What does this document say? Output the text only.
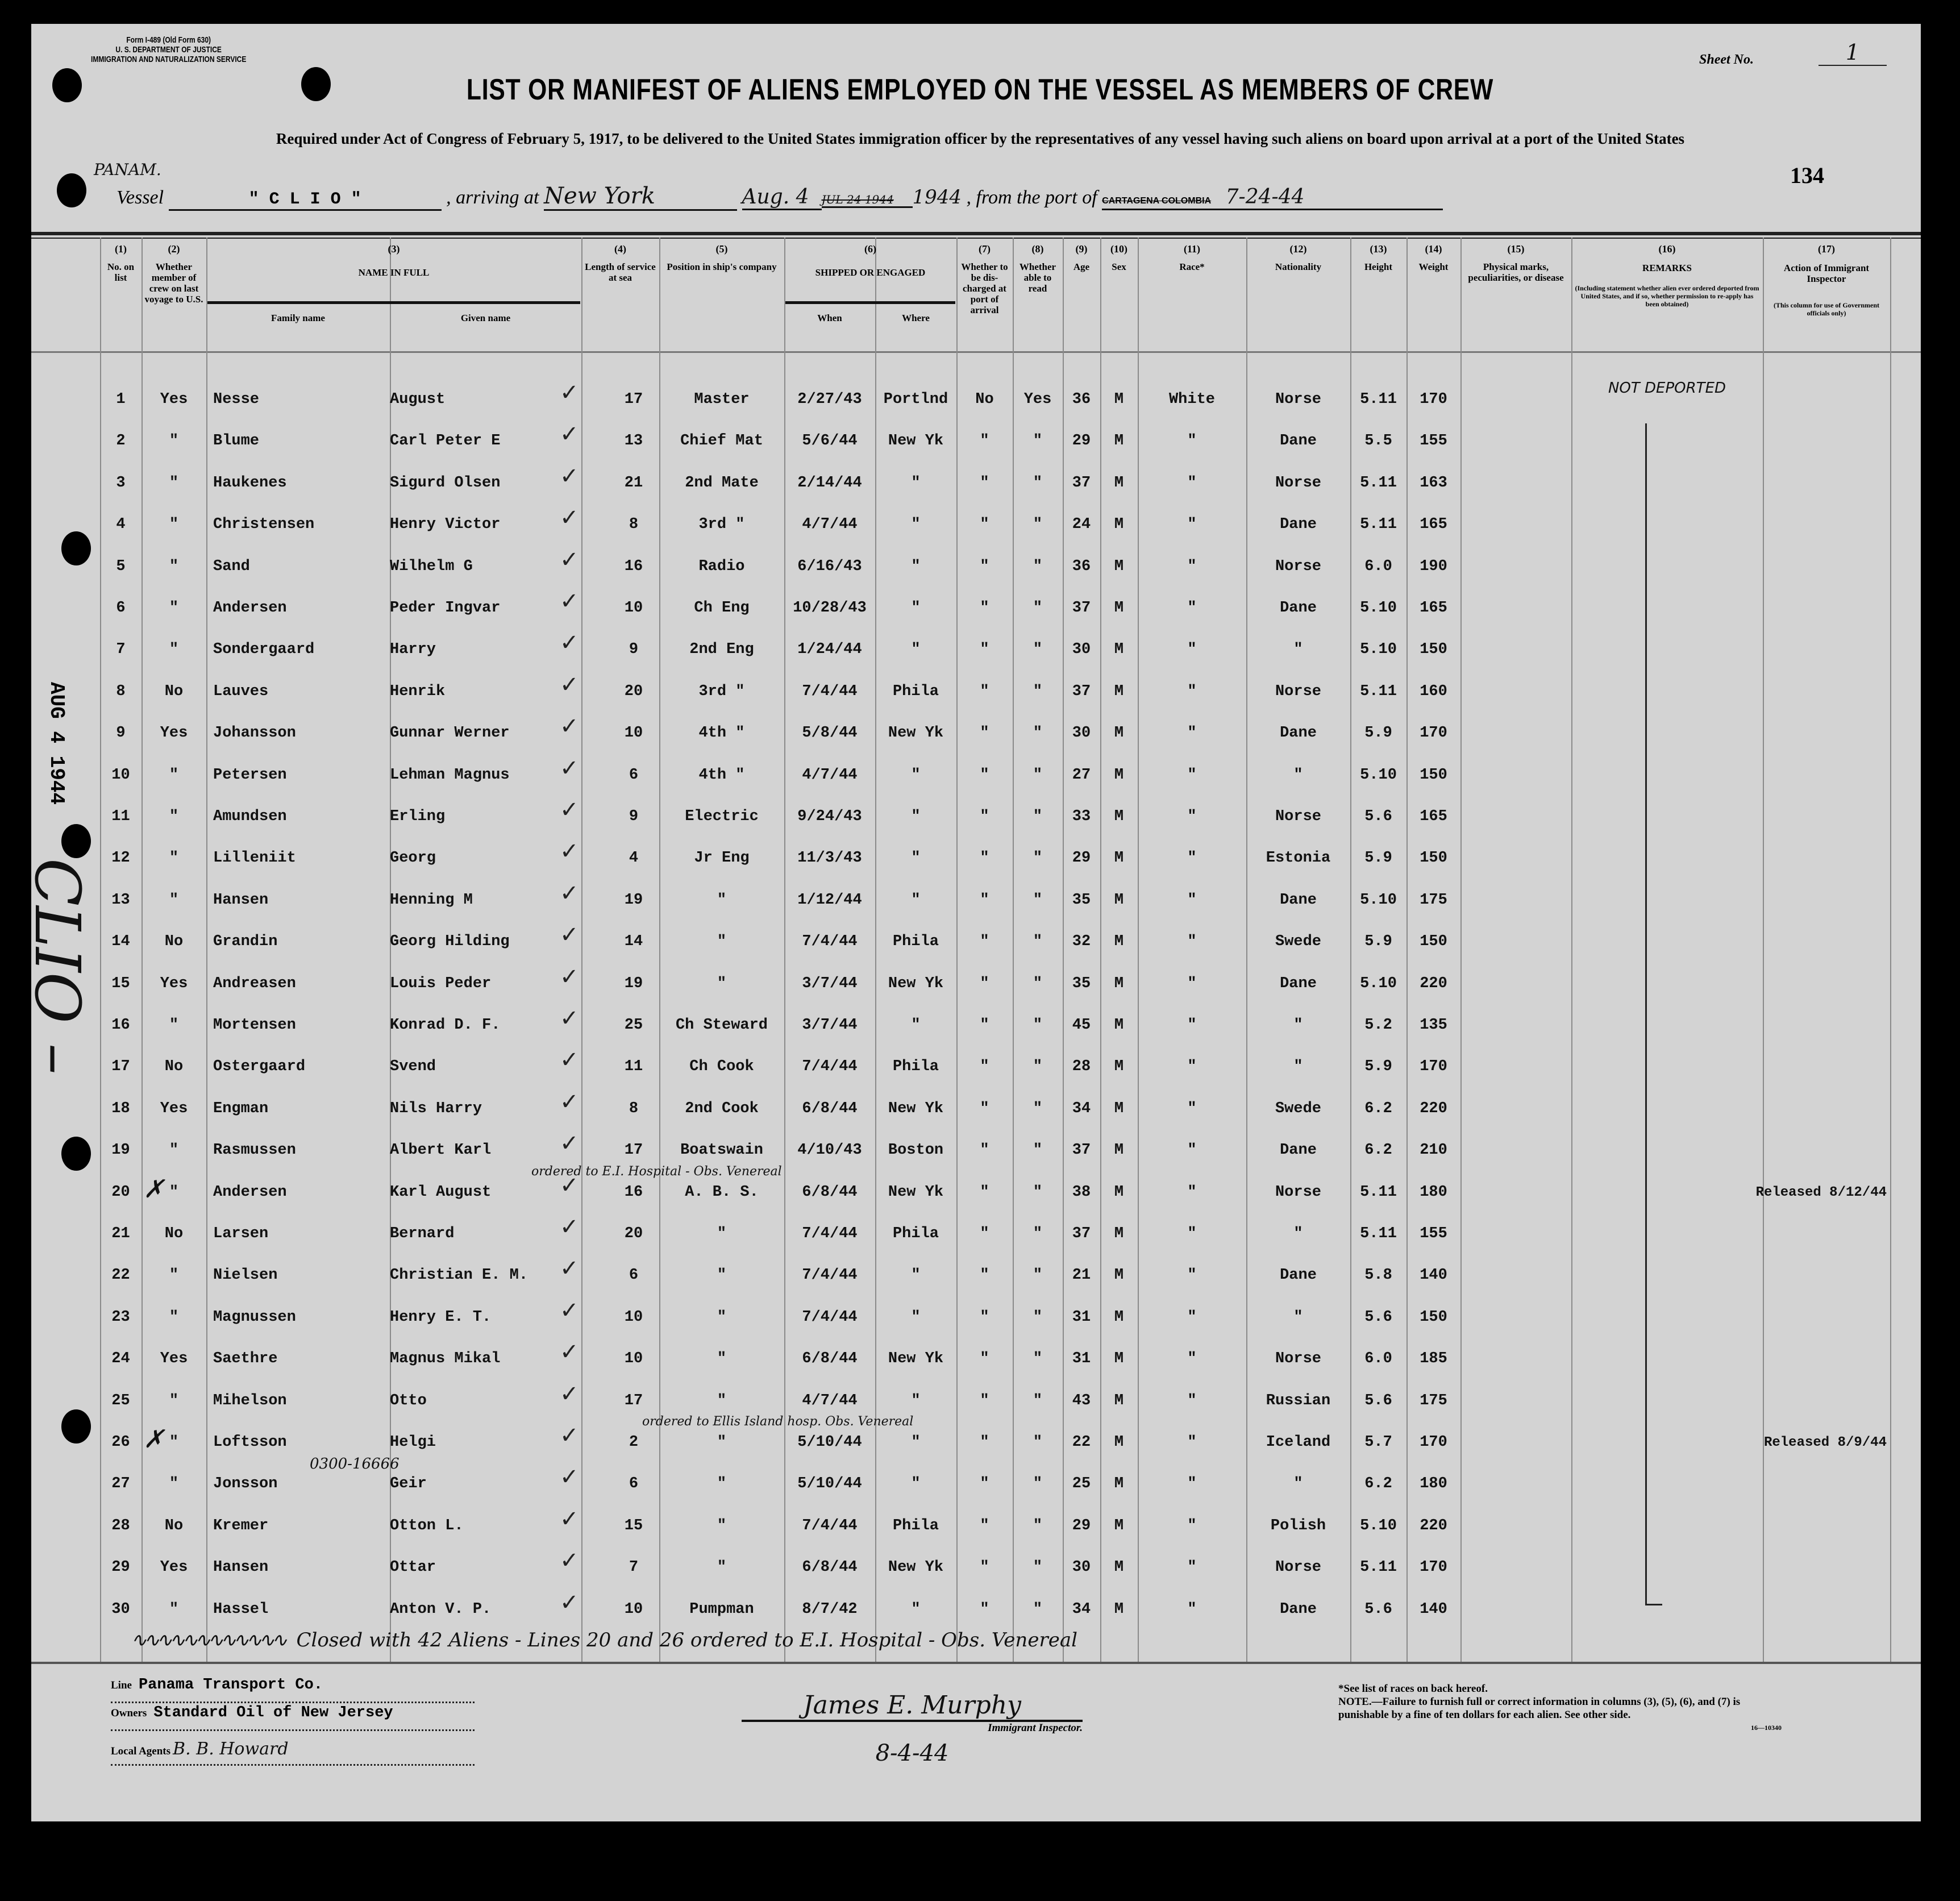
Form I-489 (Old Form 630)
U. S. DEPARTMENT OF JUSTICE
IMMIGRATION AND NATURALIZATION SERVICE	Sheet No.	1
LIST OR MANIFEST OF ALIENS EMPLOYED ON THE VESSEL AS MEMBERS OF CREW
Required under Act of Congress of February 5, 1917, to be delivered to the United States immigration officer by the representatives of any vessel having such aliens on board upon arrival at a port of the United States
134
PANAM.
Vessel	" C L I O "	, arriving at New York	Aug. 4 JUL 24 1944 1944 , from the port of CARTAGENA COLOMBIA 7-24-44
(1)
No. on list
(2)
Whether member of crew on last voyage to U.S.
(3)
NAME IN FULL
Family name	Given name
(4)
Length of service at sea
(5)
Position in ship's company
(6)
SHIPPED OR ENGAGED
When	Where
(7)
Whether to be dis-charged at port of arrival
(8)
Whether able to read
(9)
Age
(10)
Sex
(11)
Race*
(12)
Nationality
(13)
Height
(14)
Weight
(15)
Physical marks, peculiarities, or disease
(16)
REMARKS
(Including statement whether alien ever ordered deported from United States, and if so, whether permission to re-apply has been obtained)
(17)
Action of Immigrant Inspector
(This column for use of Government officials only)
1	Yes	Nesse	August	17	Master	2/27/43	Portlnd	No	Yes	36	M	White	Norse	5.11	170
NOT DEPORTED
✓
2	"	Blume	Carl Peter E	13	Chief Mat	5/6/44	New Yk	"	"	29	M	"	Dane	5.5	155
✓
3	"	Haukenes	Sigurd Olsen	21	2nd Mate	2/14/44	"	"	"	37	M	"	Norse	5.11	163
✓
4	"	Christensen	Henry Victor	8	3rd "	4/7/44	"	"	"	24	M	"	Dane	5.11	165
✓
5	"	Sand	Wilhelm G	16	Radio	6/16/43	"	"	"	36	M	"	Norse	6.0	190
✓
6	"	Andersen	Peder Ingvar	10	Ch Eng	10/28/43	"	"	"	37	M	"	Dane	5.10	165
✓
7	"	Sondergaard	Harry	9	2nd Eng	1/24/44	"	"	"	30	M	"	"	5.10	150
✓
8	No	Lauves	Henrik	20	3rd "	7/4/44	Phila	"	"	37	M	"	Norse	5.11	160
✓
9	Yes	Johansson	Gunnar Werner	10	4th "	5/8/44	New Yk	"	"	30	M	"	Dane	5.9	170
✓
10	"	Petersen	Lehman Magnus	6	4th "	4/7/44	"	"	"	27	M	"	"	5.10	150
✓
11	"	Amundsen	Erling	9	Electric	9/24/43	"	"	"	33	M	"	Norse	5.6	165
✓
12	"	Lilleniit	Georg	4	Jr Eng	11/3/43	"	"	"	29	M	"	Estonia	5.9	150
✓
13	"	Hansen	Henning M	19	"	1/12/44	"	"	"	35	M	"	Dane	5.10	175
✓
14	No	Grandin	Georg Hilding	14	"	7/4/44	Phila	"	"	32	M	"	Swede	5.9	150
✓
15	Yes	Andreasen	Louis Peder	19	"	3/7/44	New Yk	"	"	35	M	"	Dane	5.10	220
✓
16	"	Mortensen	Konrad D. F.	25	Ch Steward	3/7/44	"	"	"	45	M	"	"	5.2	135
✓
17	No	Ostergaard	Svend	11	Ch Cook	7/4/44	Phila	"	"	28	M	"	"	5.9	170
✓
18	Yes	Engman	Nils Harry	8	2nd Cook	6/8/44	New Yk	"	"	34	M	"	Swede	6.2	220
✓
19	"	Rasmussen	Albert Karl	17	Boatswain	4/10/43	Boston	"	"	37	M	"	Dane	6.2	210
✓
20	"	Andersen	Karl August	16	A. B. S.	6/8/44	New Yk	"	"	38	M	"	Norse	5.11	180	Released 8/12/44
✓
21	No	Larsen	Bernard	20	"	7/4/44	Phila	"	"	37	M	"	"	5.11	155
✓
22	"	Nielsen	Christian E. M.	6	"	7/4/44	"	"	"	21	M	"	Dane	5.8	140
✓
23	"	Magnussen	Henry E. T.	10	"	7/4/44	"	"	"	31	M	"	"	5.6	150
✓
24	Yes	Saethre	Magnus Mikal	10	"	6/8/44	New Yk	"	"	31	M	"	Norse	6.0	185
✓
25	"	Mihelson	Otto	17	"	4/7/44	"	"	"	43	M	"	Russian	5.6	175
✓
26	"	Loftsson	Helgi	2	"	5/10/44	"	"	"	22	M	"	Iceland	5.7	170	Released 8/9/44
✓
27	"	Jonsson	Geir	6	"	5/10/44	"	"	"	25	M	"	"	6.2	180
✓
28	No	Kremer	Otton L.	15	"	7/4/44	Phila	"	"	29	M	"	Polish	5.10	220
✓
29	Yes	Hansen	Ottar	7	"	6/8/44	New Yk	"	"	30	M	"	Norse	5.11	170
✓
30	"	Hassel	Anton V. P.	10	Pumpman	8/7/42	"	"	"	34	M	"	Dane	5.6	140
✓
∿∿∿∿∿∿∿∿∿∿∿∿ Closed with 42 Aliens - Lines 20 and 26 ordered to E.I. Hospital - Obs. Venereal
ordered to E.I. Hospital - Obs. Venereal
ordered to Ellis Island hosp. Obs. Venereal
0300-16666
✗
✗
AUG 4 1944
CLIO –
Line Panama Transport Co.
Owners Standard Oil of New Jersey
Local Agents B. B. Howard
James E. Murphy
Immigrant Inspector.
8-4-44
*See list of races on back hereof.
NOTE.—Failure to furnish full or correct information in columns (3), (5), (6), and (7) is punishable by a fine of ten dollars for each alien. See other side.
16—10340
